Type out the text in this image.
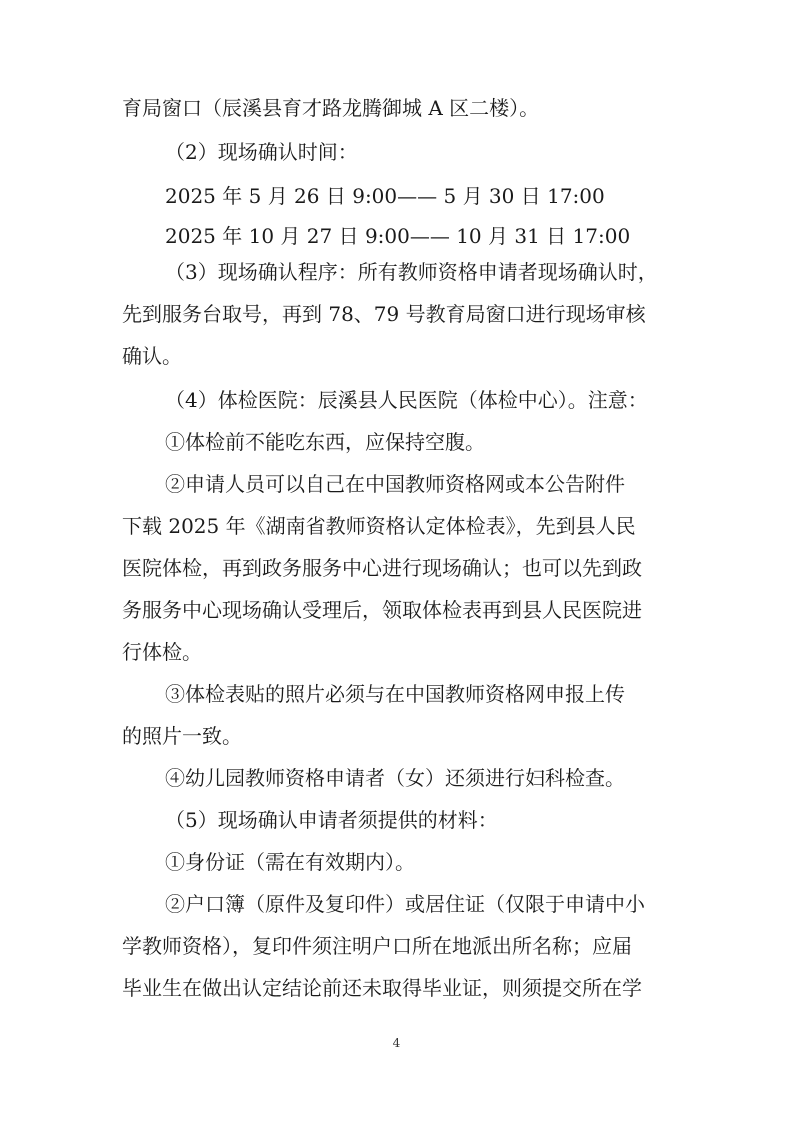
育局窗口（辰溪县育才路龙腾御城 A 区二楼）。
（2）现场确认时间：
2025 年 5 月 26 日 9:00—— 5 月 30 日 17:00
2025 年 10 月 27 日 9:00—— 10 月 31 日 17:00
（3）现场确认程序：所有教师资格申请者现场确认时，
先到服务台取号，再到 78、79 号教育局窗口进行现场审核
确认。
（4）体检医院：辰溪县人民医院（体检中心）。注意：
①体检前不能吃东西，应保持空腹。
②申请人员可以自己在中国教师资格网或本公告附件
下载 2025 年《湖南省教师资格认定体检表》，先到县人民
医院体检，再到政务服务中心进行现场确认；也可以先到政
务服务中心现场确认受理后，领取体检表再到县人民医院进
行体检。
③体检表贴的照片必须与在中国教师资格网申报上传
的照片一致。
④幼儿园教师资格申请者（女）还须进行妇科检查。
（5）现场确认申请者须提供的材料：
①身份证（需在有效期内）。
②户口簿（原件及复印件）或居住证（仅限于申请中小
学教师资格），复印件须注明户口所在地派出所名称；应届
毕业生在做出认定结论前还未取得毕业证，则须提交所在学
4
